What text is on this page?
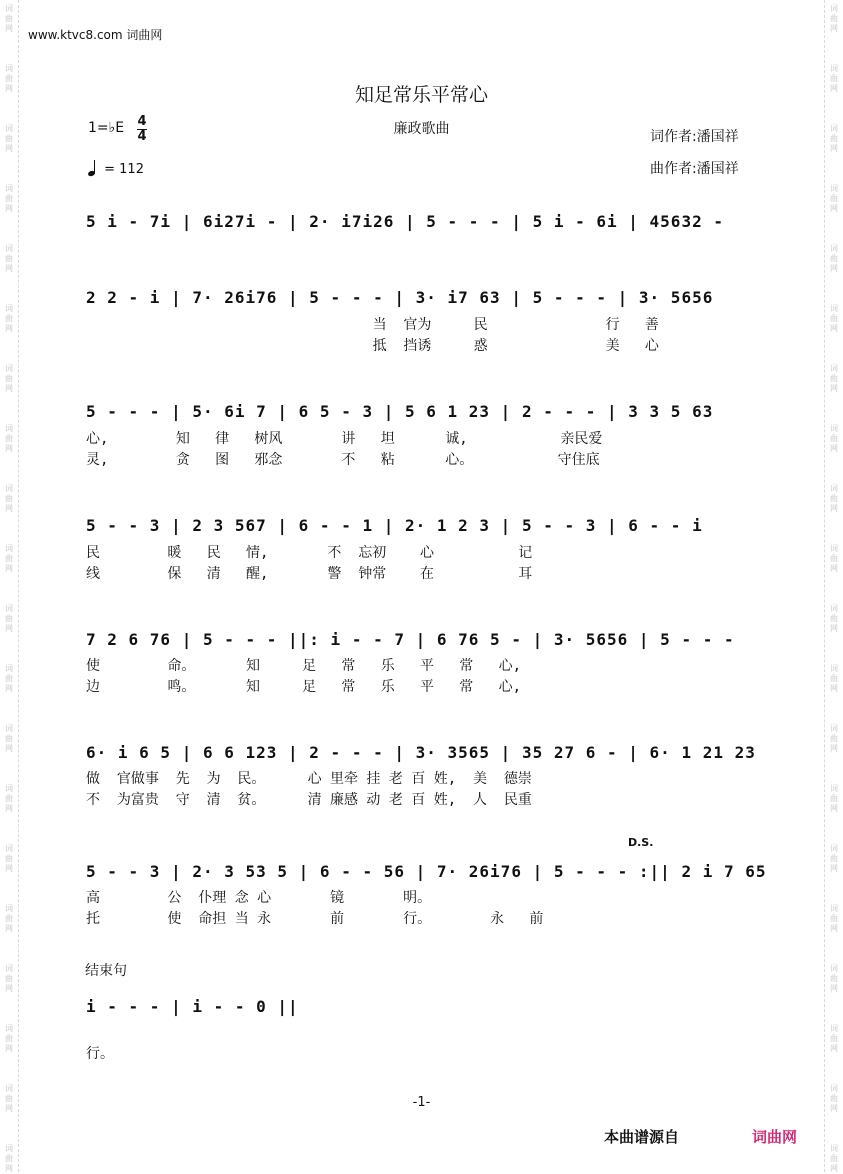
词
曲
网
词
曲
网
词
曲
网
词
曲
网
词
曲
网
词
曲
网
词
曲
网
词
曲
网
词
曲
网
词
曲
网
词
曲
网
词
曲
网
词
曲
网
词
曲
网
词
曲
网
词
曲
网
词
曲
网
词
曲
网
词
曲
网
词
曲
网
词
曲
网
词
曲
网
词
曲
网
词
曲
网
词
曲
网
词
曲
网
词
曲
网
词
曲
网
词
曲
网
词
曲
网
词
曲
网
词
曲
网
词
曲
网
词
曲
网
词
曲
网
词
曲
网
词
曲
网
词
曲
网
词
曲
网
词
曲
网
www.ktvc8.com 词曲网
知足常乐平常心
廉政歌曲	词作者:潘国祥
曲作者:潘国祥
1=♭E 4
4
= 112
5 i - 7i | 6i27i - | 2· i7i26 | 5 - - - | 5 i - 6i | 45632 -
2 2 - i | 7· 26i76 | 5 - - - | 3· i7 63 | 5 - - - | 3· 5656
当  官为     民              行   善
抵  挡诱     惑              美   心
5 - - - | 5· 6i 7 | 6 5 - 3 | 5 6 1 23 | 2 - - - | 3 3 5 63
心,        知   律   树风       讲   坦      诚,           亲民爱
灵,        贪   图   邪念       不   粘      心。          守住底
5 - - 3 | 2 3 567 | 6 - - 1 | 2· 1 2 3 | 5 - - 3 | 6 - - i
民        暖   民   情,       不  忘初    心          记
线        保   清   醒,       警  钟常    在          耳
7 2 6 76 | 5 - - - ||: i - - 7 | 6 76 5 - | 3· 5656 | 5 - - -
使        命。      知     足   常   乐   平   常   心,
边        鸣。      知     足   常   乐   平   常   心,
6· i 6 5 | 6 6 123 | 2 - - - | 3· 3565 | 35 27 6 - | 6· 1 21 23
做  官做事  先  为  民。     心 里牵 挂 老 百 姓,  美  德崇
不  为富贵  守  清  贫。     清 廉感 动 老 百 姓,  人  民重
D.S.
5 - - 3 | 2· 3 53 5 | 6 - - 56 | 7· 26i76 | 5 - - - :|| 2 i 7 65
高        公  仆理 念 心       镜       明。
托        使  命担 当 永       前       行。       永   前
结束句
i - - - | i - - 0 ||
行。
-1-
本曲谱源自	词曲网
